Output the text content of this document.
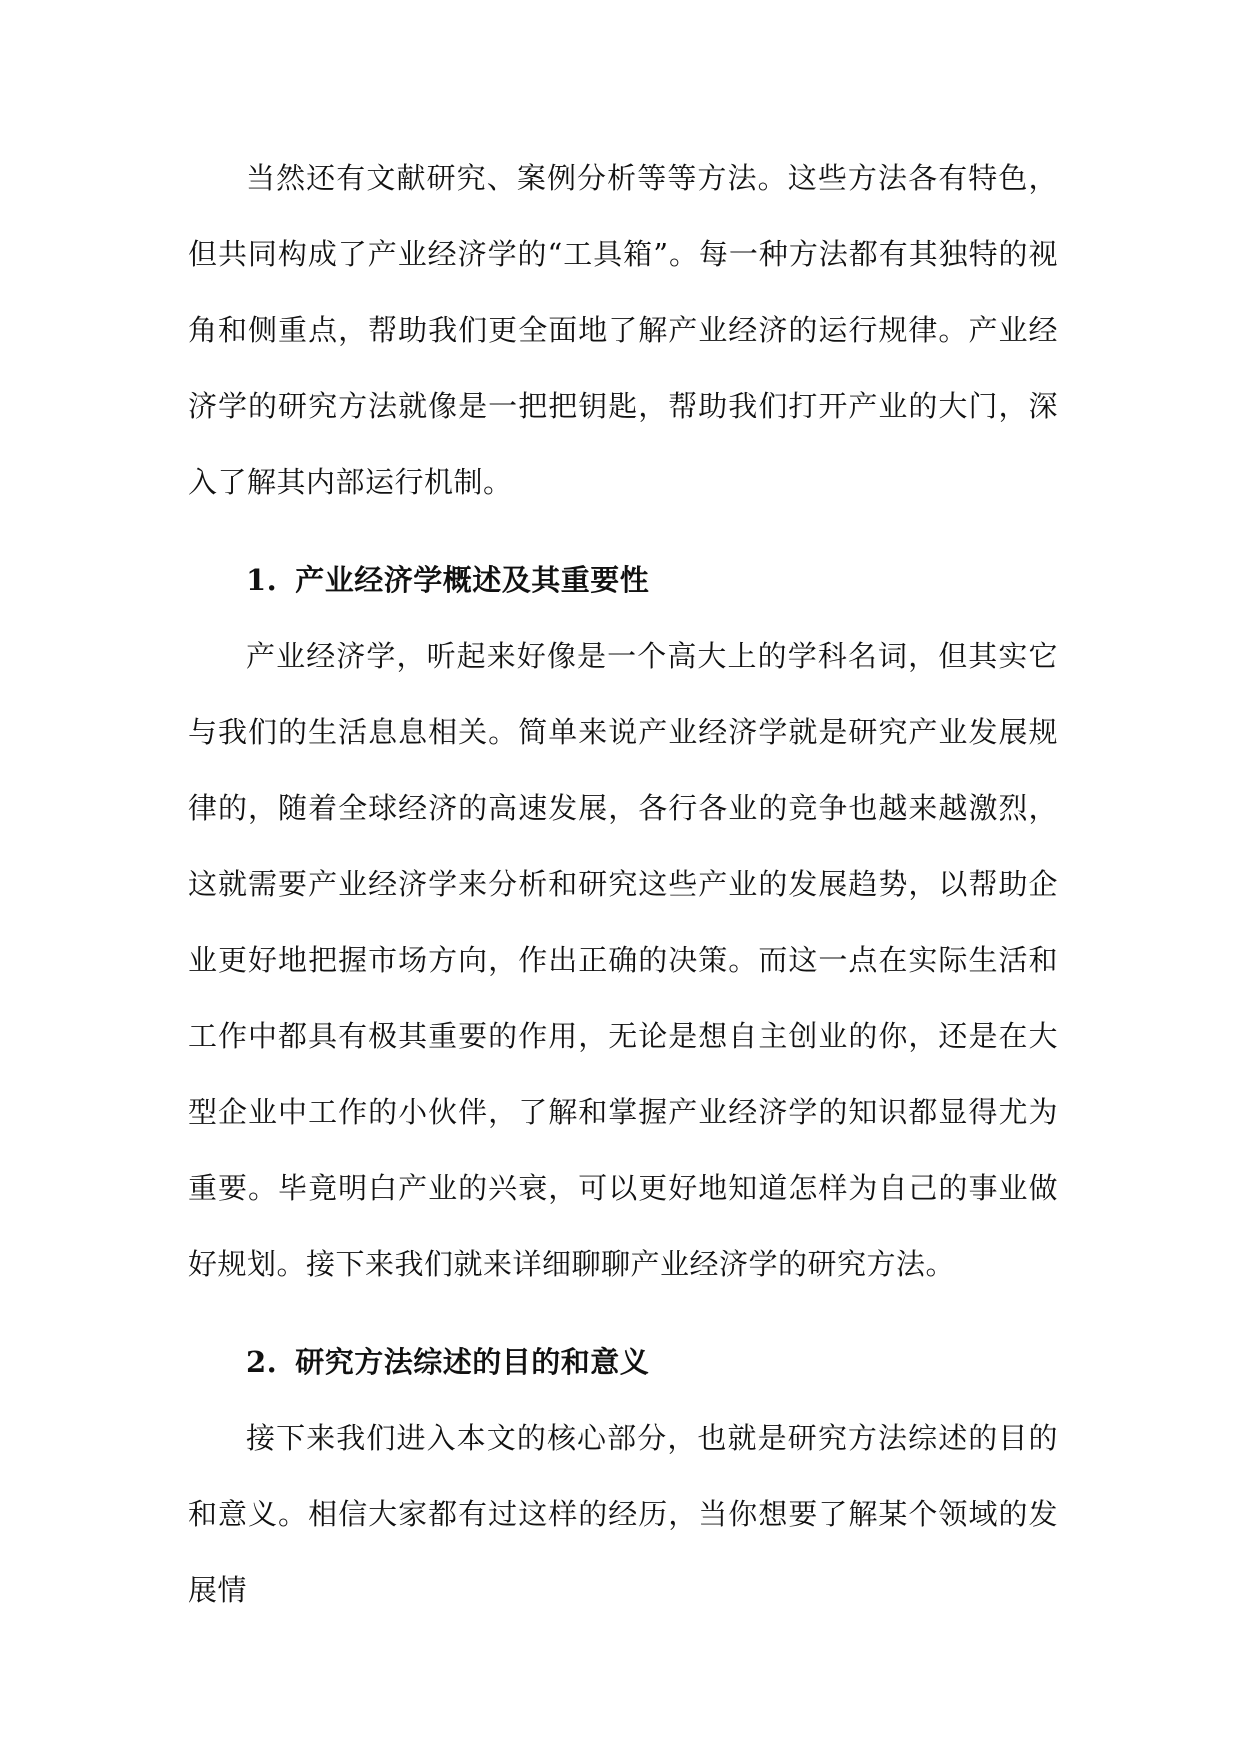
当然还有文献研究、案例分析等等方法。这些方法各有特色，但共同构成了产业经济学的“工具箱”。每一种方法都有其独特的视角和侧重点，帮助我们更全面地了解产业经济的运行规律。产业经济学的研究方法就像是一把把钥匙，帮助我们打开产业的大门，深入了解其内部运行机制。

1. 产业经济学概述及其重要性

产业经济学，听起来好像是一个高大上的学科名词，但其实它与我们的生活息息相关。简单来说产业经济学就是研究产业发展规律的，随着全球经济的高速发展，各行各业的竞争也越来越激烈，这就需要产业经济学来分析和研究这些产业的发展趋势，以帮助企业更好地把握市场方向，作出正确的决策。而这一点在实际生活和工作中都具有极其重要的作用，无论是想自主创业的你，还是在大型企业中工作的小伙伴，了解和掌握产业经济学的知识都显得尤为重要。毕竟明白产业的兴衰，可以更好地知道怎样为自己的事业做好规划。接下来我们就来详细聊聊产业经济学的研究方法。

2. 研究方法综述的目的和意义

接下来我们进入本文的核心部分，也就是研究方法综述的目的和意义。相信大家都有过这样的经历，当你想要了解某个领域的发展情
